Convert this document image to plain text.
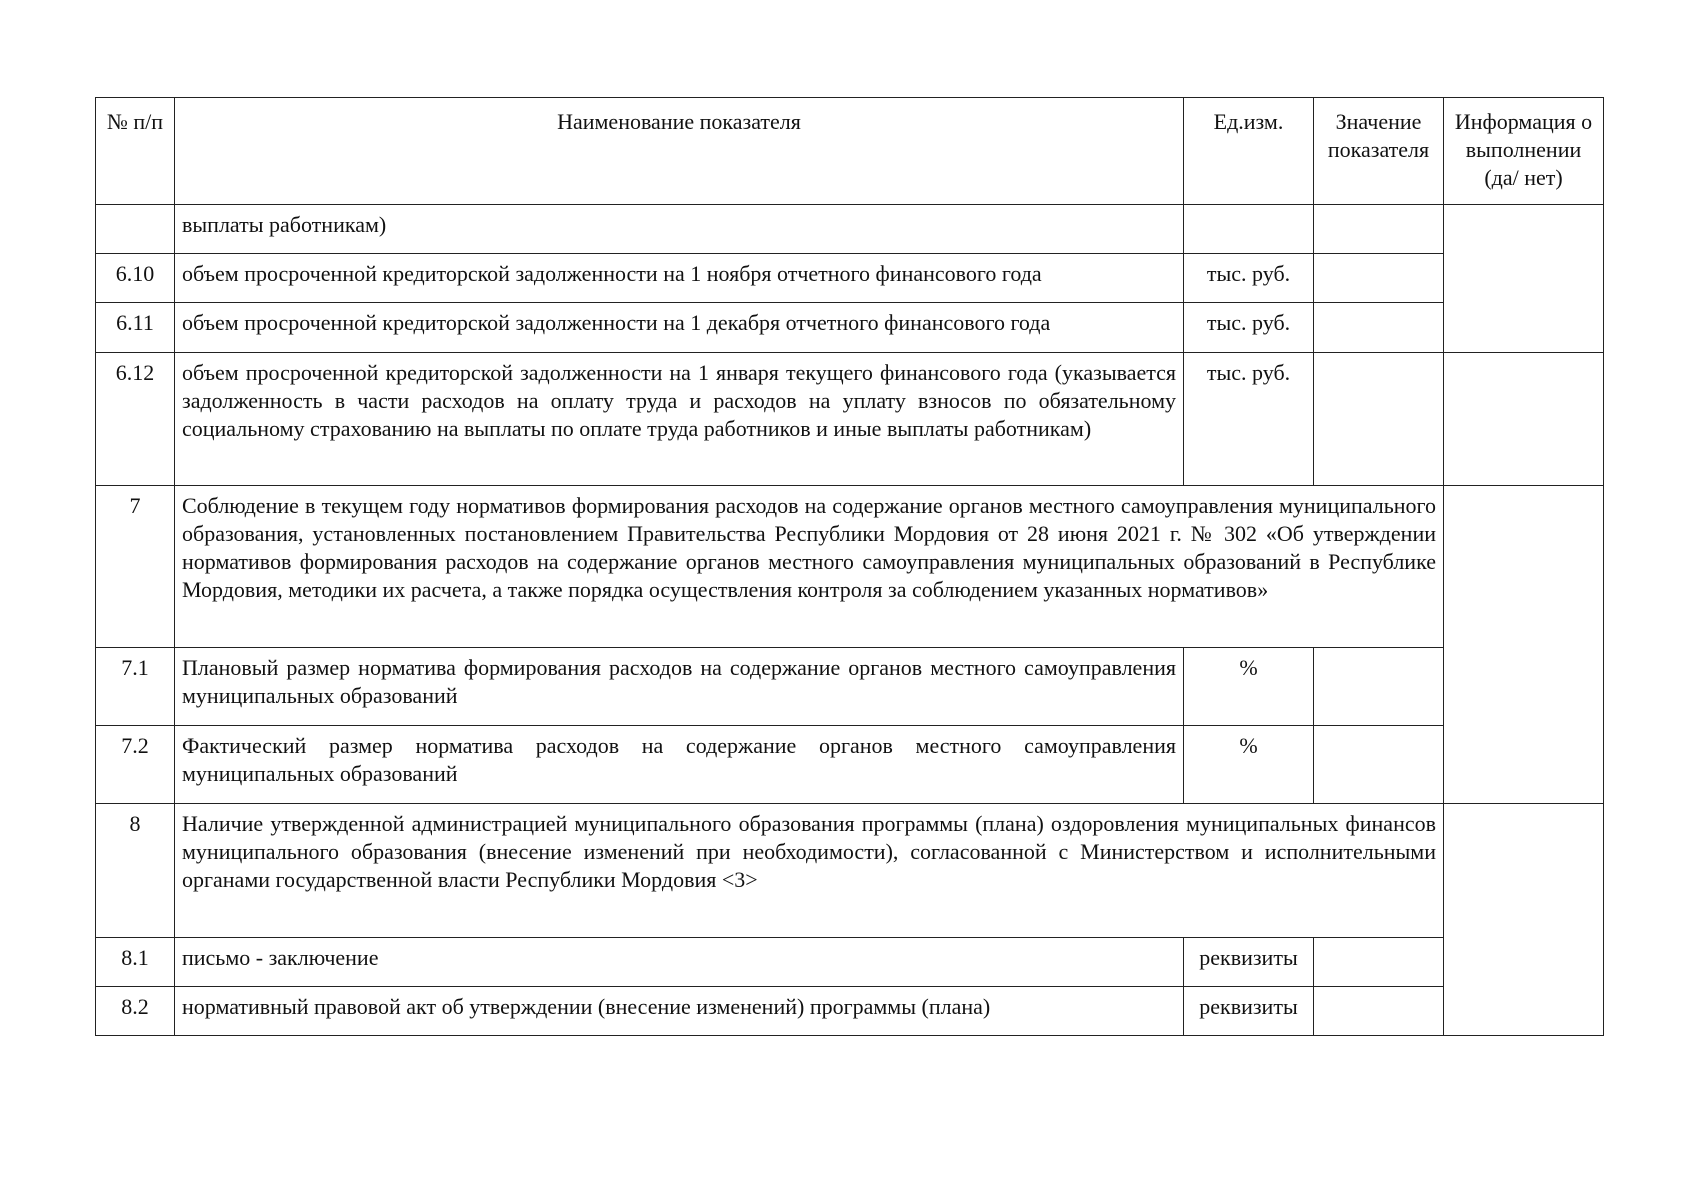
№ п/п	Наименование показателя	Ед.изм.	Значение показателя	Информация о выполнении (да/ нет)
	выплаты работникам)			
6.10	объем просроченной кредиторской задолженности на 1 ноября отчетного финансового года	тыс. руб.		
6.11	объем просроченной кредиторской задолженности на 1 декабря отчетного финансового года	тыс. руб.		
6.12	объем просроченной кредиторской задолженности на 1 января текущего финансового года (указывается задолженность в части расходов на оплату труда и расходов на уплату взносов по обязательному социальному страхованию на выплаты по оплате труда работников и иные выплаты работникам)	тыс. руб.		
7	Соблюдение в текущем году нормативов формирования расходов на содержание органов местного самоуправления муниципального образования, установленных постановлением Правительства Республики Мордовия от 28 июня 2021 г. № 302 «Об утверждении нормативов формирования расходов на содержание органов местного самоуправления муниципальных образований в Республике Мордовия, методики их расчета, а также порядка осуществления контроля за соблюдением указанных нормативов»			
7.1	Плановый размер норматива формирования расходов на содержание органов местного самоуправления муниципальных образований	%		
7.2	Фактический размер норматива расходов на содержание органов местного самоуправления муниципальных образований	%		
8	Наличие утвержденной администрацией муниципального образования программы (плана) оздоровления муниципальных финансов муниципального образования (внесение изменений при необходимости), согласованной с Министерством и исполнительными органами государственной власти Республики Мордовия <3>			
8.1	письмо - заключение	реквизиты		
8.2	нормативный правовой акт об утверждении (внесение изменений) программы (плана)	реквизиты		
